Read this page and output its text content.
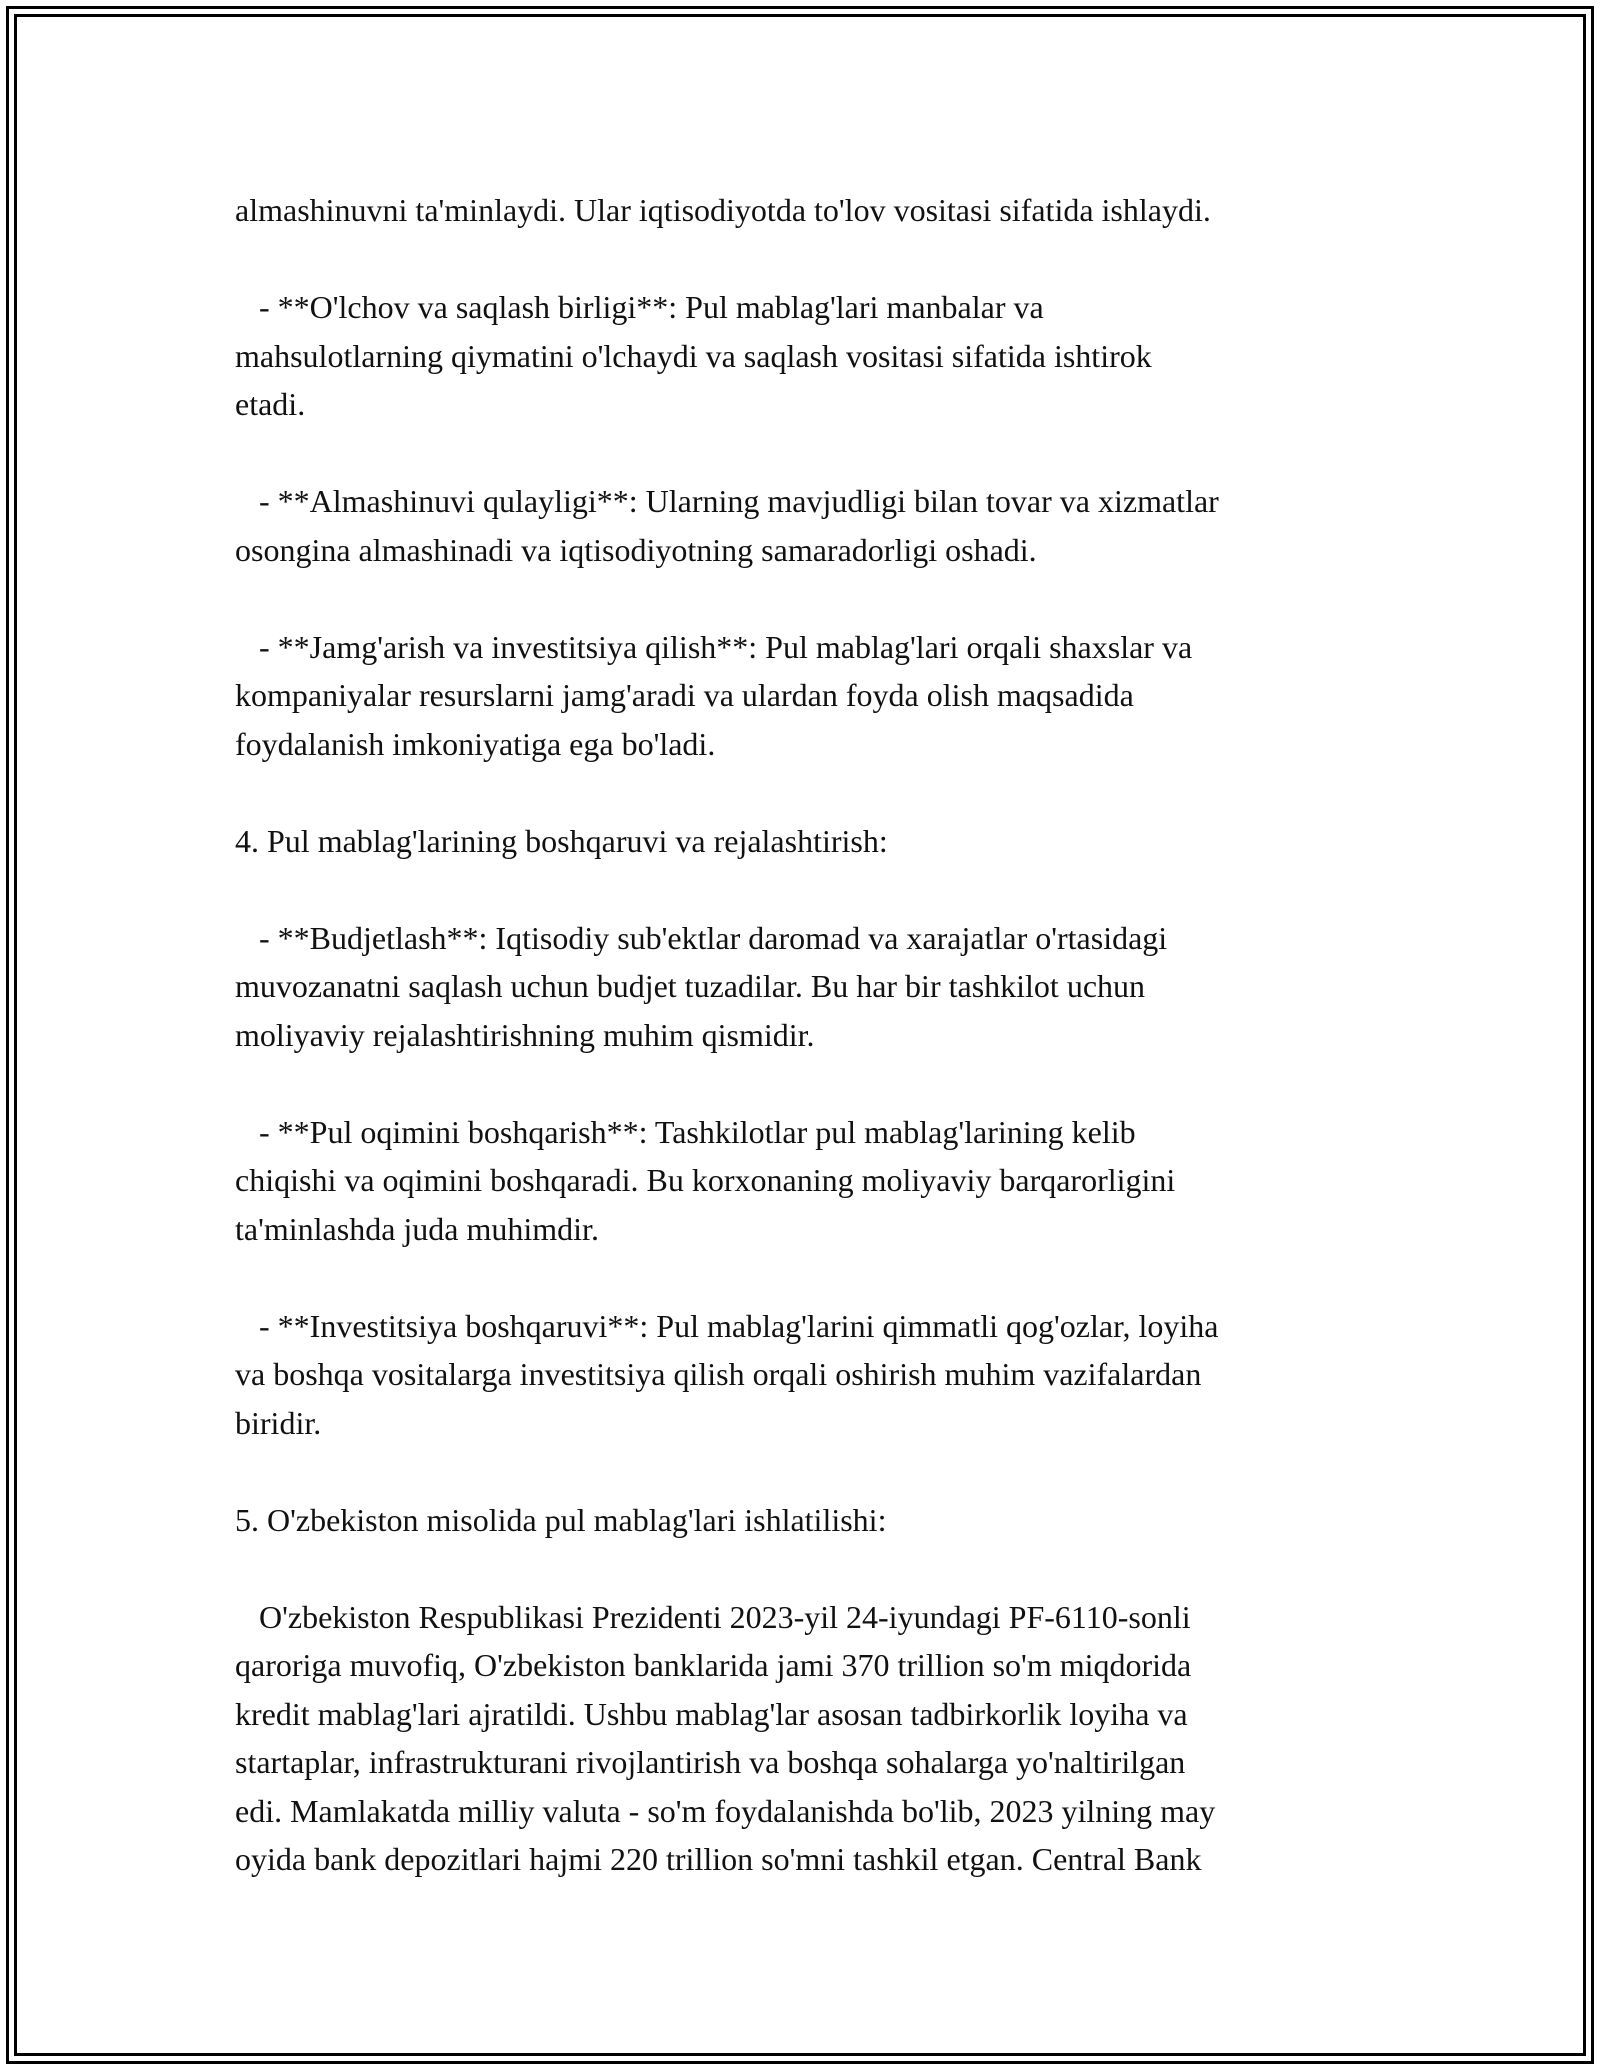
almashinuvni ta'minlaydi. Ular iqtisodiyotda to'lov vositasi sifatida ishlaydi.

- **O'lchov va saqlash birligi**: Pul mablag'lari manbalar va
mahsulotlarning qiymatini o'lchaydi va saqlash vositasi sifatida ishtirok
etadi.

- **Almashinuvi qulayligi**: Ularning mavjudligi bilan tovar va xizmatlar
osongina almashinadi va iqtisodiyotning samaradorligi oshadi.

- **Jamg'arish va investitsiya qilish**: Pul mablag'lari orqali shaxslar va
kompaniyalar resurslarni jamg'aradi va ulardan foyda olish maqsadida
foydalanish imkoniyatiga ega bo'ladi.

4. Pul mablag'larining boshqaruvi va rejalashtirish:

- **Budjetlash**: Iqtisodiy sub'ektlar daromad va xarajatlar o'rtasidagi
muvozanatni saqlash uchun budjet tuzadilar. Bu har bir tashkilot uchun
moliyaviy rejalashtirishning muhim qismidir.

- **Pul oqimini boshqarish**: Tashkilotlar pul mablag'larining kelib
chiqishi va oqimini boshqaradi. Bu korxonaning moliyaviy barqarorligini
ta'minlashda juda muhimdir.

- **Investitsiya boshqaruvi**: Pul mablag'larini qimmatli qog'ozlar, loyiha
va boshqa vositalarga investitsiya qilish orqali oshirish muhim vazifalardan
biridir.

5. O'zbekiston misolida pul mablag'lari ishlatilishi:

O'zbekiston Respublikasi Prezidenti 2023-yil 24-iyundagi PF-6110-sonli
qaroriga muvofiq, O'zbekiston banklarida jami 370 trillion so'm miqdorida
kredit mablag'lari ajratildi. Ushbu mablag'lar asosan tadbirkorlik loyiha va
startaplar, infrastrukturani rivojlantirish va boshqa sohalarga yo'naltirilgan
edi. Mamlakatda milliy valuta - so'm foydalanishda bo'lib, 2023 yilning may
oyida bank depozitlari hajmi 220 trillion so'mni tashkil etgan. Central Bank
